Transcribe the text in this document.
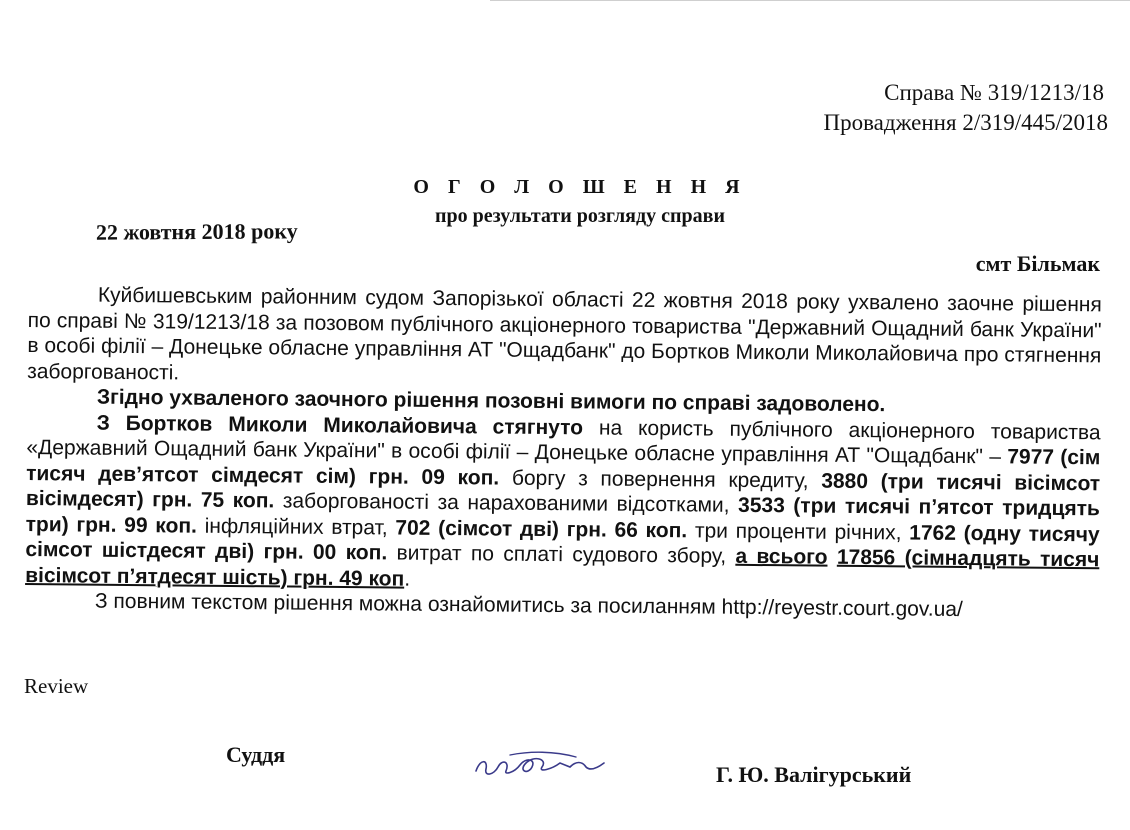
Справа № 319/1213/18
Провадження 2/319/445/2018
О Г О Л О Ш Е Н Н Я
про результати розгляду справи
22 жовтня 2018 року
смт Більмак

Куйбишевським районним судом Запорізької області 22 жовтня 2018 року ухвалено заочне рішення по справі № 319/1213/18 за позовом публічного акціонерного товариства "Державний Ощадний банк України" в особі філії – Донецьке обласне управління АТ "Ощадбанк" до Бортков Миколи Миколайовича про стягнення заборгованості.

Згідно ухваленого заочного рішення позовні вимоги по справі задоволено.

З Бортков Миколи Миколайовича стягнуто на користь публічного акціонерного товариства «Державний Ощадний банк України" в особі філії – Донецьке обласне управління АТ "Ощадбанк" – 7977 (сім тисяч дев’ятсот сімдесят сім) грн. 09 коп. боргу з повернення кредиту, 3880 (три тисячі вісімсот вісімдесят) грн. 75 коп. заборгованості за нарахованими відсотками, 3533 (три тисячі п’ятсот тридцять три) грн. 99 коп. інфляційних втрат, 702 (сімсот дві) грн. 66 коп. три проценти річних, 1762 (одну тисячу сімсот шістдесят дві) грн. 00 коп. витрат по сплаті судового збору, а всього 17856 (сімнадцять тисяч вісімсот п’ятдесят шість) грн. 49 коп.

З повним текстом рішення можна ознайомитись за посиланням http://reyestr.court.gov.ua/

Review
Суддя
Г. Ю. Валігурський
